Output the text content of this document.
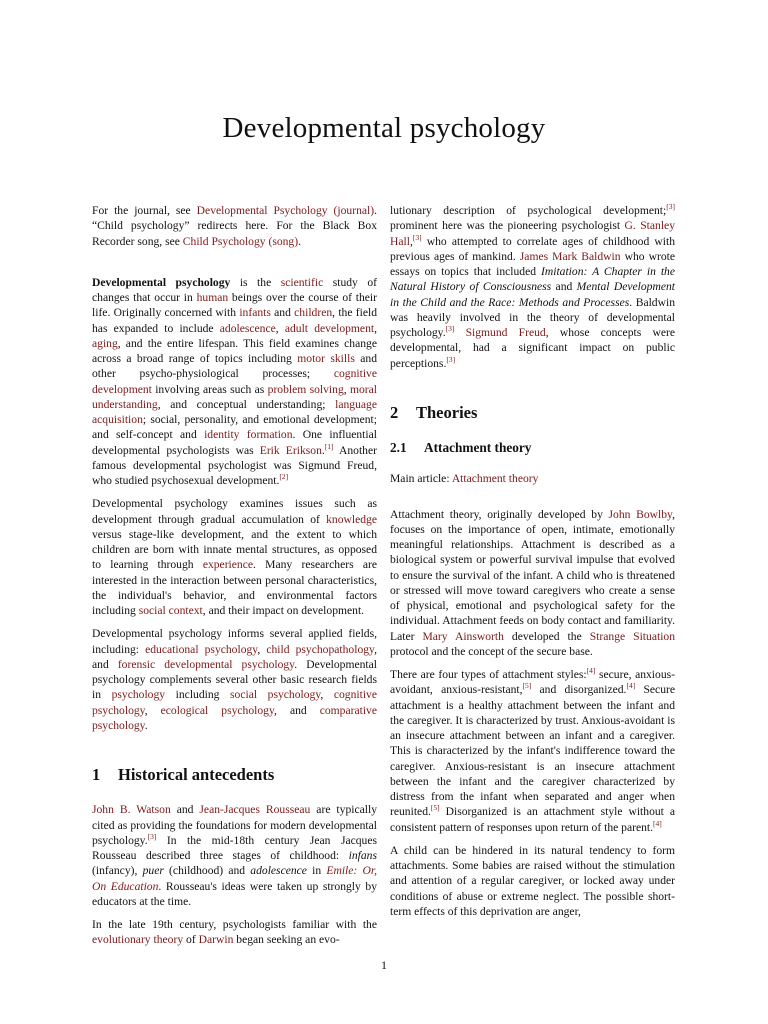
Developmental psychology

For the journal, see Developmental Psychology (journal). “Child psychology” redirects here. For the Black Box Recorder song, see Child Psychology (song).

Developmental psychology is the scientific study of changes that occur in human beings over the course of their life. Originally concerned with infants and children, the field has expanded to include adolescence, adult development, aging, and the entire lifespan. This field examines change across a broad range of topics including motor skills and other psycho-physiological processes; cognitive development involving areas such as problem solving, moral understanding, and conceptual understanding; language acquisition; social, personality, and emotional development; and self-concept and identity formation. One influential developmental psychologists was Erik Erikson.[1] Another famous developmental psychologist was Sigmund Freud, who studied psychosexual development.[2]

Developmental psychology examines issues such as development through gradual accumulation of knowledge versus stage-like development, and the extent to which children are born with innate mental structures, as opposed to learning through experience. Many researchers are interested in the interaction between personal characteristics, the individual's behavior, and environmental factors including social context, and their impact on development.

Developmental psychology informs several applied fields, including: educational psychology, child psychopathology, and forensic developmental psychology. Developmental psychology complements several other basic research fields in psychology including social psychology, cognitive psychology, ecological psychology, and comparative psychology.

1 Historical antecedents

John B. Watson and Jean-Jacques Rousseau are typically cited as providing the foundations for modern developmental psychology.[3] In the mid-18th century Jean Jacques Rousseau described three stages of childhood: infans (infancy), puer (childhood) and adolescence in Emile: Or, On Education. Rousseau's ideas were taken up strongly by educators at the time.

In the late 19th century, psychologists familiar with the evolutionary theory of Darwin began seeking an evo-

lutionary description of psychological development;[3] prominent here was the pioneering psychologist G. Stanley Hall,[3] who attempted to correlate ages of childhood with previous ages of mankind. James Mark Baldwin who wrote essays on topics that included Imitation: A Chapter in the Natural History of Consciousness and Mental Development in the Child and the Race: Methods and Processes. Baldwin was heavily involved in the theory of developmental psychology.[3] Sigmund Freud, whose concepts were developmental, had a significant impact on public perceptions.[3]

2 Theories
2.1 Attachment theory

Main article: Attachment theory

Attachment theory, originally developed by John Bowlby, focuses on the importance of open, intimate, emotionally meaningful relationships. Attachment is described as a biological system or powerful survival impulse that evolved to ensure the survival of the infant. A child who is threatened or stressed will move toward caregivers who create a sense of physical, emotional and psychological safety for the individual. Attachment feeds on body contact and familiarity. Later Mary Ainsworth developed the Strange Situation protocol and the concept of the secure base.

There are four types of attachment styles:[4] secure, anxious-avoidant, anxious-resistant,[5] and disorganized.[4] Secure attachment is a healthy attachment between the infant and the caregiver. It is characterized by trust. Anxious-avoidant is an insecure attachment between an infant and a caregiver. This is characterized by the infant's indifference toward the caregiver. Anxious-resistant is an insecure attachment between the infant and the caregiver characterized by distress from the infant when separated and anger when reunited.[5] Disorganized is an attachment style without a consistent pattern of responses upon return of the parent.[4]

A child can be hindered in its natural tendency to form attachments. Some babies are raised without the stimulation and attention of a regular caregiver, or locked away under conditions of abuse or extreme neglect. The possible short-term effects of this deprivation are anger,

1
